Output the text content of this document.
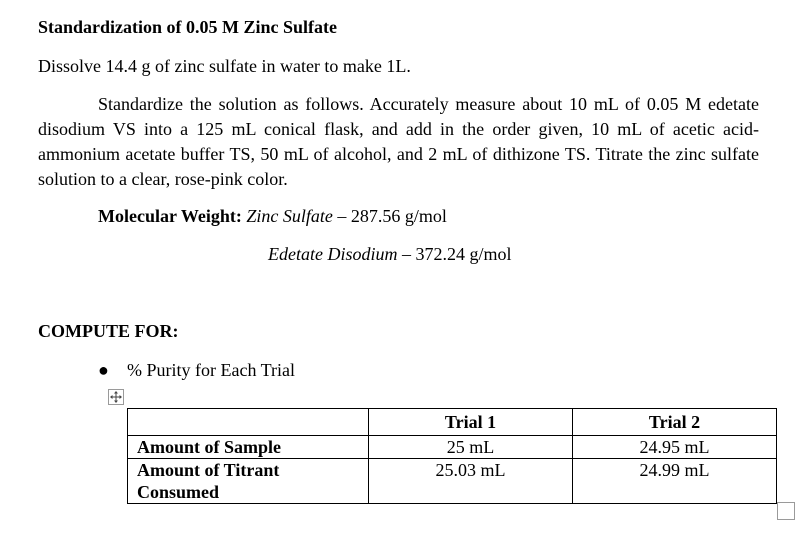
Standardization of 0.05 M Zinc Sulfate
Dissolve 14.4 g of zinc sulfate in water to make 1L.
Standardize the solution as follows. Accurately measure about 10 mL of 0.05 M edetate disodium VS into a 125 mL conical flask, and add in the order given, 10 mL of acetic acid-ammonium acetate buffer TS, 50 mL of alcohol, and 2 mL of dithizone TS. Titrate the zinc sulfate solution to a clear, rose-pink color.
Molecular Weight: Zinc Sulfate – 287.56 g/mol
Edetate Disodium – 372.24 g/mol
COMPUTE FOR:
●	% Purity for Each Trial
	Trial 1	Trial 2
Amount of Sample	25 mL	24.95 mL
Amount of Titrant Consumed	25.03 mL	24.99 mL
